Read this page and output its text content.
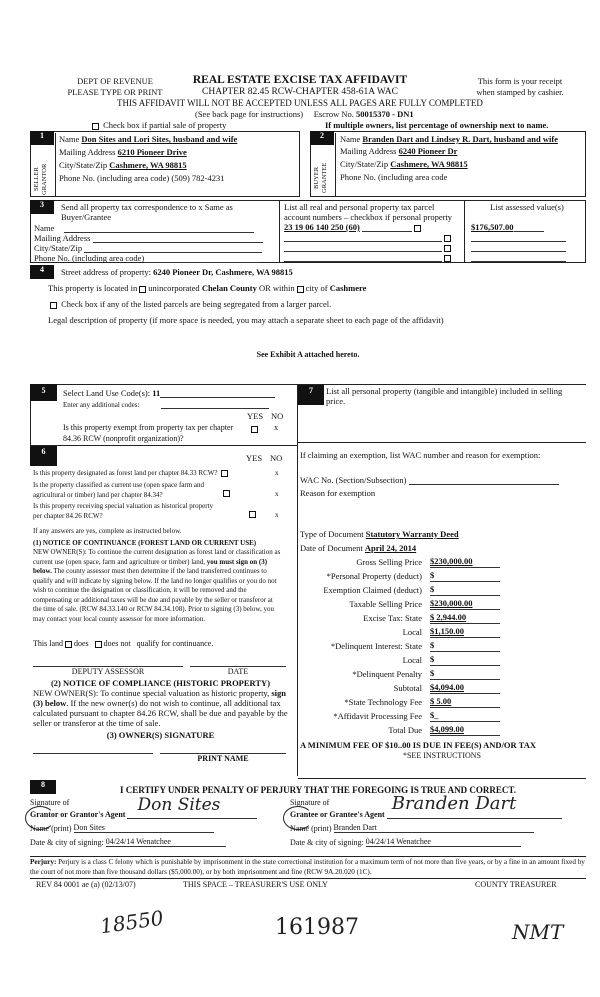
DEPT OF REVENUE
PLEASE TYPE OR PRINT
REAL ESTATE EXCISE TAX AFFIDAVIT
CHAPTER 82.45 RCW-CHAPTER 458-61A WAC
This form is your receipt
when stamped by cashier.
THIS AFFIDAVIT WILL NOT BE ACCEPTED UNLESS ALL PAGES ARE FULLY COMPLETED
(See back page for instructions) Escrow No. 50015370 - DN1
Check box if partial sale of property	If multiple owners, list percentage of ownership next to name.
1
SELLER GRANTOR
Name Don Sites and Lori Sites, husband and wife
Mailing Address 6210 Pioneer Drive
City/State/Zip Cashmere, WA 98815
Phone No. (including area code) (509) 782-4231
2
BUYER GRANTEE
Name Branden Dart and Lindsey R. Dart, husband and wife
Mailing Address 6240 Pioneer Dr
City/State/Zip Cashmere, WA 98815
Phone No. (including area code
3	Send all property tax correspondence to x Same as Buyer/Grantee
Name
Mailing Address
City/State/Zip
Phone No. (including area code)
List all real and personal property tax parcel account numbers – checkbox if personal property
23 19 06 140 250 (60)
List assessed value(s)
$176,507.00
4	Street address of property: 6240 Pioneer Dr, Cashmere, WA 98815
This property is located in unincorporated Chelan County OR within city of Cashmere
Check box if any of the listed parcels are being segregated from a larger parcel.
Legal description of property (if more space is needed, you may attach a separate sheet to each page of the affidavit)
See Exhibit A attached hereto.
5	Select Land Use Code(s): 11
Enter any additional codes:
YES NO
Is this property exempt from property tax per chapter 84.36 RCW (nonprofit organization)?
x
6
YES NO
Is this property designated as forest land per chapter 84.33 RCW?	x
Is the property classified as current use (open space farm and agricultural or timber) land per chapter 84.34?	x
Is this property receiving special valuation as historical property per chapter 84.26 RCW?	x
If any answers are yes, complete as instructed below.
(1) NOTICE OF CONTINUANCE (FOREST LAND OR CURRENT USE)
NEW OWNER(S): To continue the current designation as forest land or classification as current use (open space, farm and agriculture or timber) land, you must sign on (3) below. The county assessor must then determine if the land transferred continues to qualify and will indicate by signing below. If the land no longer qualifies or you do not wish to continue the designation or classification, it will be removed and the compensating or additional taxes will be due and payable by the seller or transferor at the time of sale. (RCW 84.33.140 or RCW 84.34.108). Prior to signing (3) below, you may contact your local county assessor for more information.
This land does does not qualify for continuance.
DEPUTY ASSESSOR	DATE
(2) NOTICE OF COMPLIANCE (HISTORIC PROPERTY)
NEW OWNER(S): To continue special valuation as historic property, sign (3) below. If the new owner(s) do not wish to continue, all additional tax calculated pursuant to chapter 84.26 RCW, shall be due and payable by the seller or transferor at the time of sale.
(3) OWNER(S) SIGNATURE
PRINT NAME
7	List all personal property (tangible and intangible) included in selling price.
If claiming an exemption, list WAC number and reason for exemption:
WAC No. (Section/Subsection)
Reason for exemption
Type of Document Statutory Warranty Deed
Date of Document April 24, 2014
Gross Selling Price $230,000.00
*Personal Property (deduct) $
Exemption Claimed (deduct) $
Taxable Selling Price $230,000.00
Excise Tax: State $ 2,944.00
Local $1,150.00
*Delinquent Interest: State $
Local $
*Delinquent Penalty $
Subtotal $4,094.00
*State Technology Fee $ 5.00
*Affidavit Processing Fee $_
Total Due $4,099.00
A MINIMUM FEE OF $10..00 IS DUE IN FEE(S) AND/OR TAX
*SEE INSTRUCTIONS
8
I CERTIFY UNDER PENALTY OF PERJURY THAT THE FOREGOING IS TRUE AND CORRECT.
Signature of
Grantor or Grantor's Agent Don Sites
Name (print) Don Sites
Date & city of signing: 04/24/14 Wenatchee
Signature of
Grantee or Grantee's Agent
Branden Dart
Name (print) Branden Dart
Date & city of signing: 04/24/14 Wenatchee
Perjury: Perjury is a class C felony which is punishable by imprisonment in the state correctional institution for a maximum term of not more than five years, or by a fine in an amount fixed by the court of not more than five thousand dollars ($5,000.00), or by both imprisonment and fine (RCW 9A.20.020 (1C).
REV 84 0001 ae (a) (02/13/07)	THIS SPACE – TREASURER'S USE ONLY	COUNTY TREASURER
18550	161987	NMT
